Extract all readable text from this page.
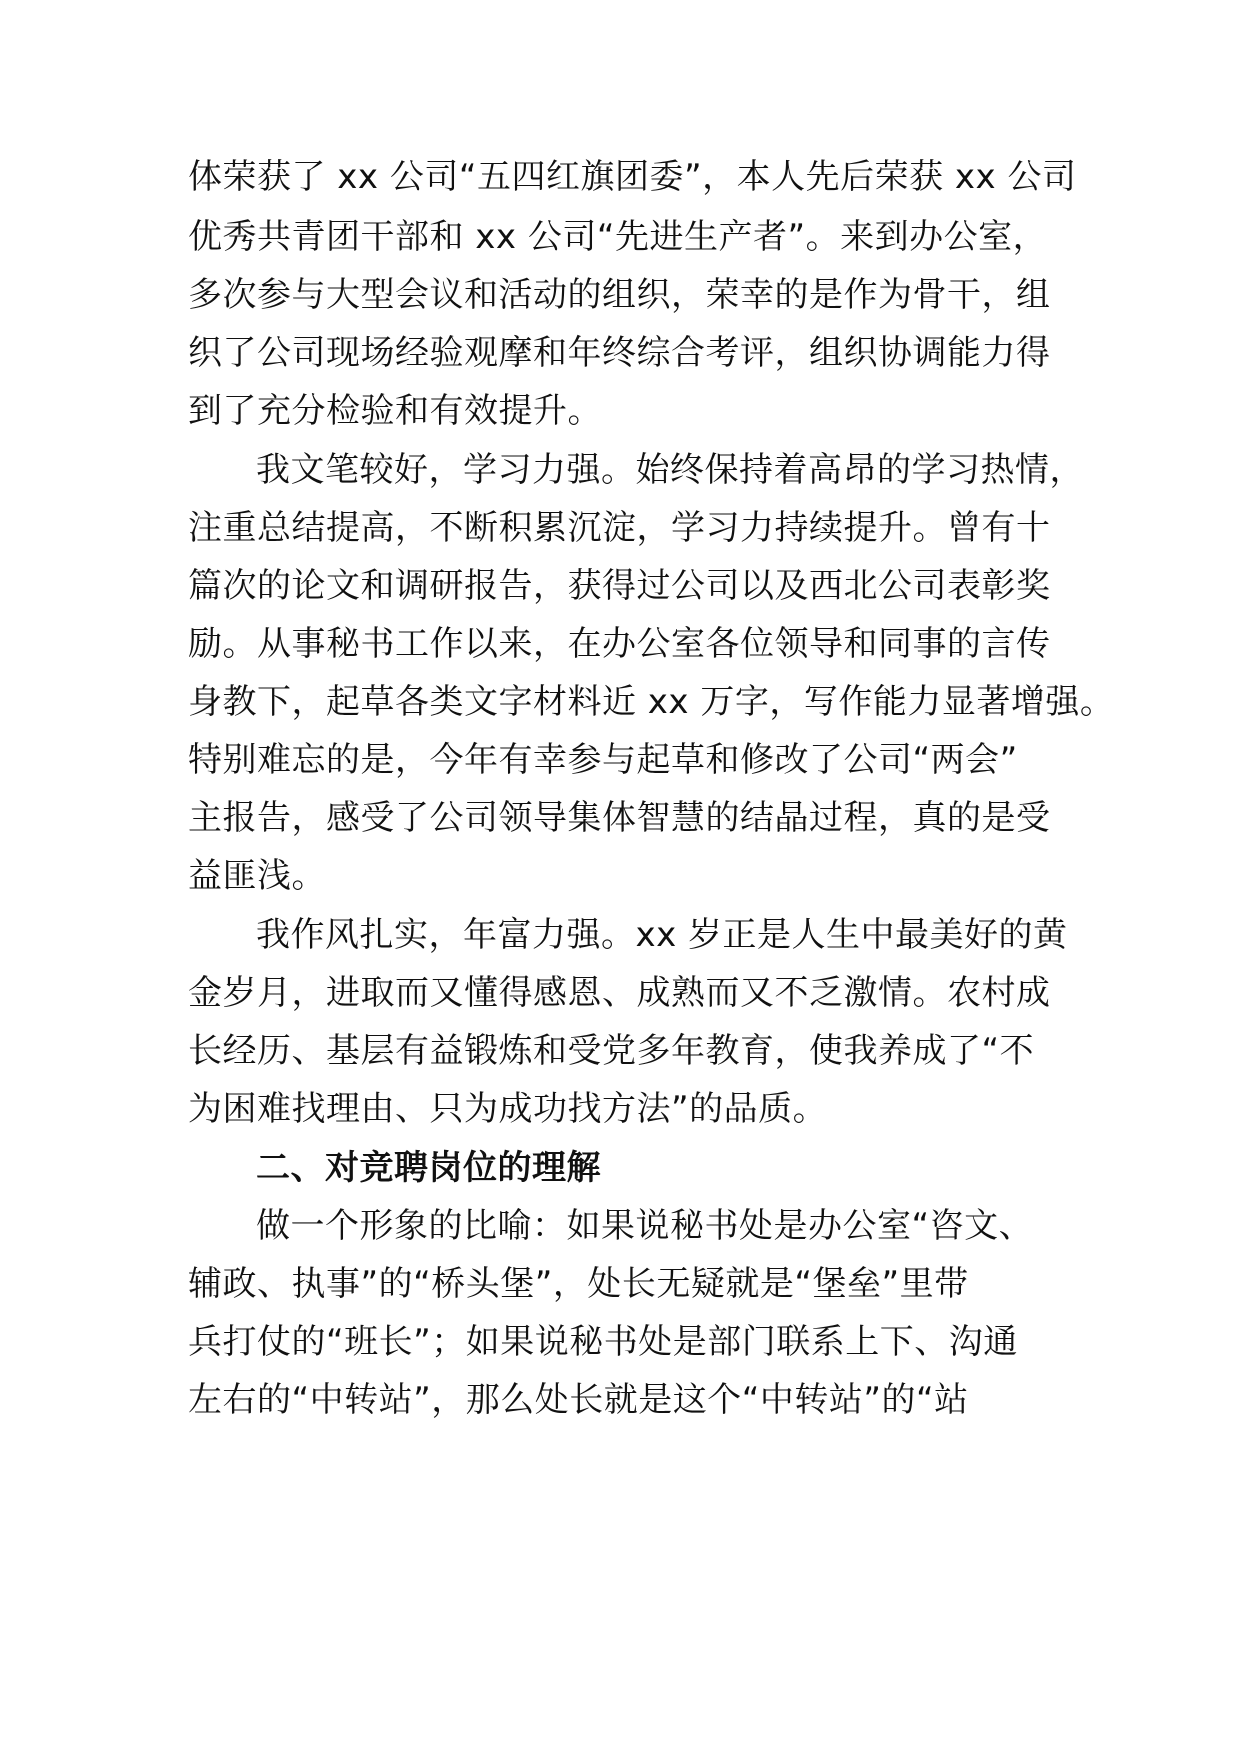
体荣获了 xx 公司“五四红旗团委”，本人先后荣获 xx 公司
优秀共青团干部和 xx 公司“先进生产者”。来到办公室，
多次参与大型会议和活动的组织，荣幸的是作为骨干，组
织了公司现场经验观摩和年终综合考评，组织协调能力得
到了充分检验和有效提升。
我文笔较好，学习力强。始终保持着高昂的学习热情，
注重总结提高，不断积累沉淀，学习力持续提升。曾有十
篇次的论文和调研报告，获得过公司以及西北公司表彰奖
励。从事秘书工作以来，在办公室各位领导和同事的言传
身教下，起草各类文字材料近 xx 万字，写作能力显著增强。
特别难忘的是，今年有幸参与起草和修改了公司“两会”
主报告，感受了公司领导集体智慧的结晶过程，真的是受
益匪浅。
我作风扎实，年富力强。xx 岁正是人生中最美好的黄
金岁月，进取而又懂得感恩、成熟而又不乏激情。农村成
长经历、基层有益锻炼和受党多年教育，使我养成了“不
为困难找理由、只为成功找方法”的品质。
二、对竞聘岗位的理解
做一个形象的比喻：如果说秘书处是办公室“咨文、
辅政、执事”的“桥头堡”，处长无疑就是“堡垒”里带
兵打仗的“班长”；如果说秘书处是部门联系上下、沟通
左右的“中转站”，那么处长就是这个“中转站”的“站
